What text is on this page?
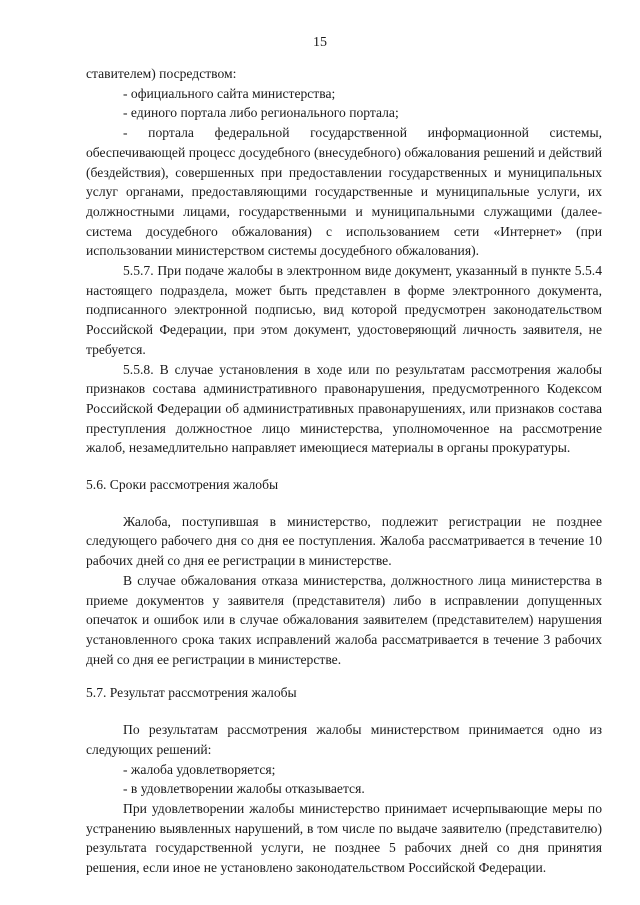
15

ставителем) посредством:

- официального сайта министерства;

- единого портала либо регионального портала;

- портала федеральной государственной информационной системы, обеспечивающей процесс досудебного (внесудебного) обжалования решений и действий (бездействия), совершенных при предоставлении государственных и муниципальных услуг органами, предоставляющими государственные и муниципальные услуги, их должностными лицами, государственными и муниципальными служащими (далее-система досудебного обжалования) с использованием сети «Интернет» (при использовании министерством системы досудебного обжалования).

5.5.7. При подаче жалобы в электронном виде документ, указанный в пункте 5.5.4 настоящего подраздела, может быть представлен в форме электронного документа, подписанного электронной подписью, вид которой предусмотрен законодательством Российской Федерации, при этом документ, удостоверяющий личность заявителя, не требуется.

5.5.8. В случае установления в ходе или по результатам рассмотрения жалобы признаков состава административного правонарушения, предусмотренного Кодексом Российской Федерации об административных правонарушениях, или признаков состава преступления должностное лицо министерства, уполномоченное на рассмотрение жалоб, незамедлительно направляет имеющиеся материалы в органы прокуратуры.

5.6. Сроки рассмотрения жалобы

Жалоба, поступившая в министерство, подлежит регистрации не позднее следующего рабочего дня со дня ее поступления. Жалоба рассматривается в течение 10 рабочих дней со дня ее регистрации в министерстве.

В случае обжалования отказа министерства, должностного лица министерства в приеме документов у заявителя (представителя) либо в исправлении допущенных опечаток и ошибок или в случае обжалования заявителем (представителем) нарушения установленного срока таких исправлений жалоба рассматривается в течение 3 рабочих дней со дня ее регистрации в министерстве.

5.7. Результат рассмотрения жалобы

По результатам рассмотрения жалобы министерством принимается одно из следующих решений:

- жалоба удовлетворяется;

- в удовлетворении жалобы отказывается.

При удовлетворении жалобы министерство принимает исчерпывающие меры по устранению выявленных нарушений, в том числе по выдаче заявителю (представителю) результата государственной услуги, не позднее 5 рабочих дней со дня принятия решения, если иное не установлено законодательством Российской Федерации.
